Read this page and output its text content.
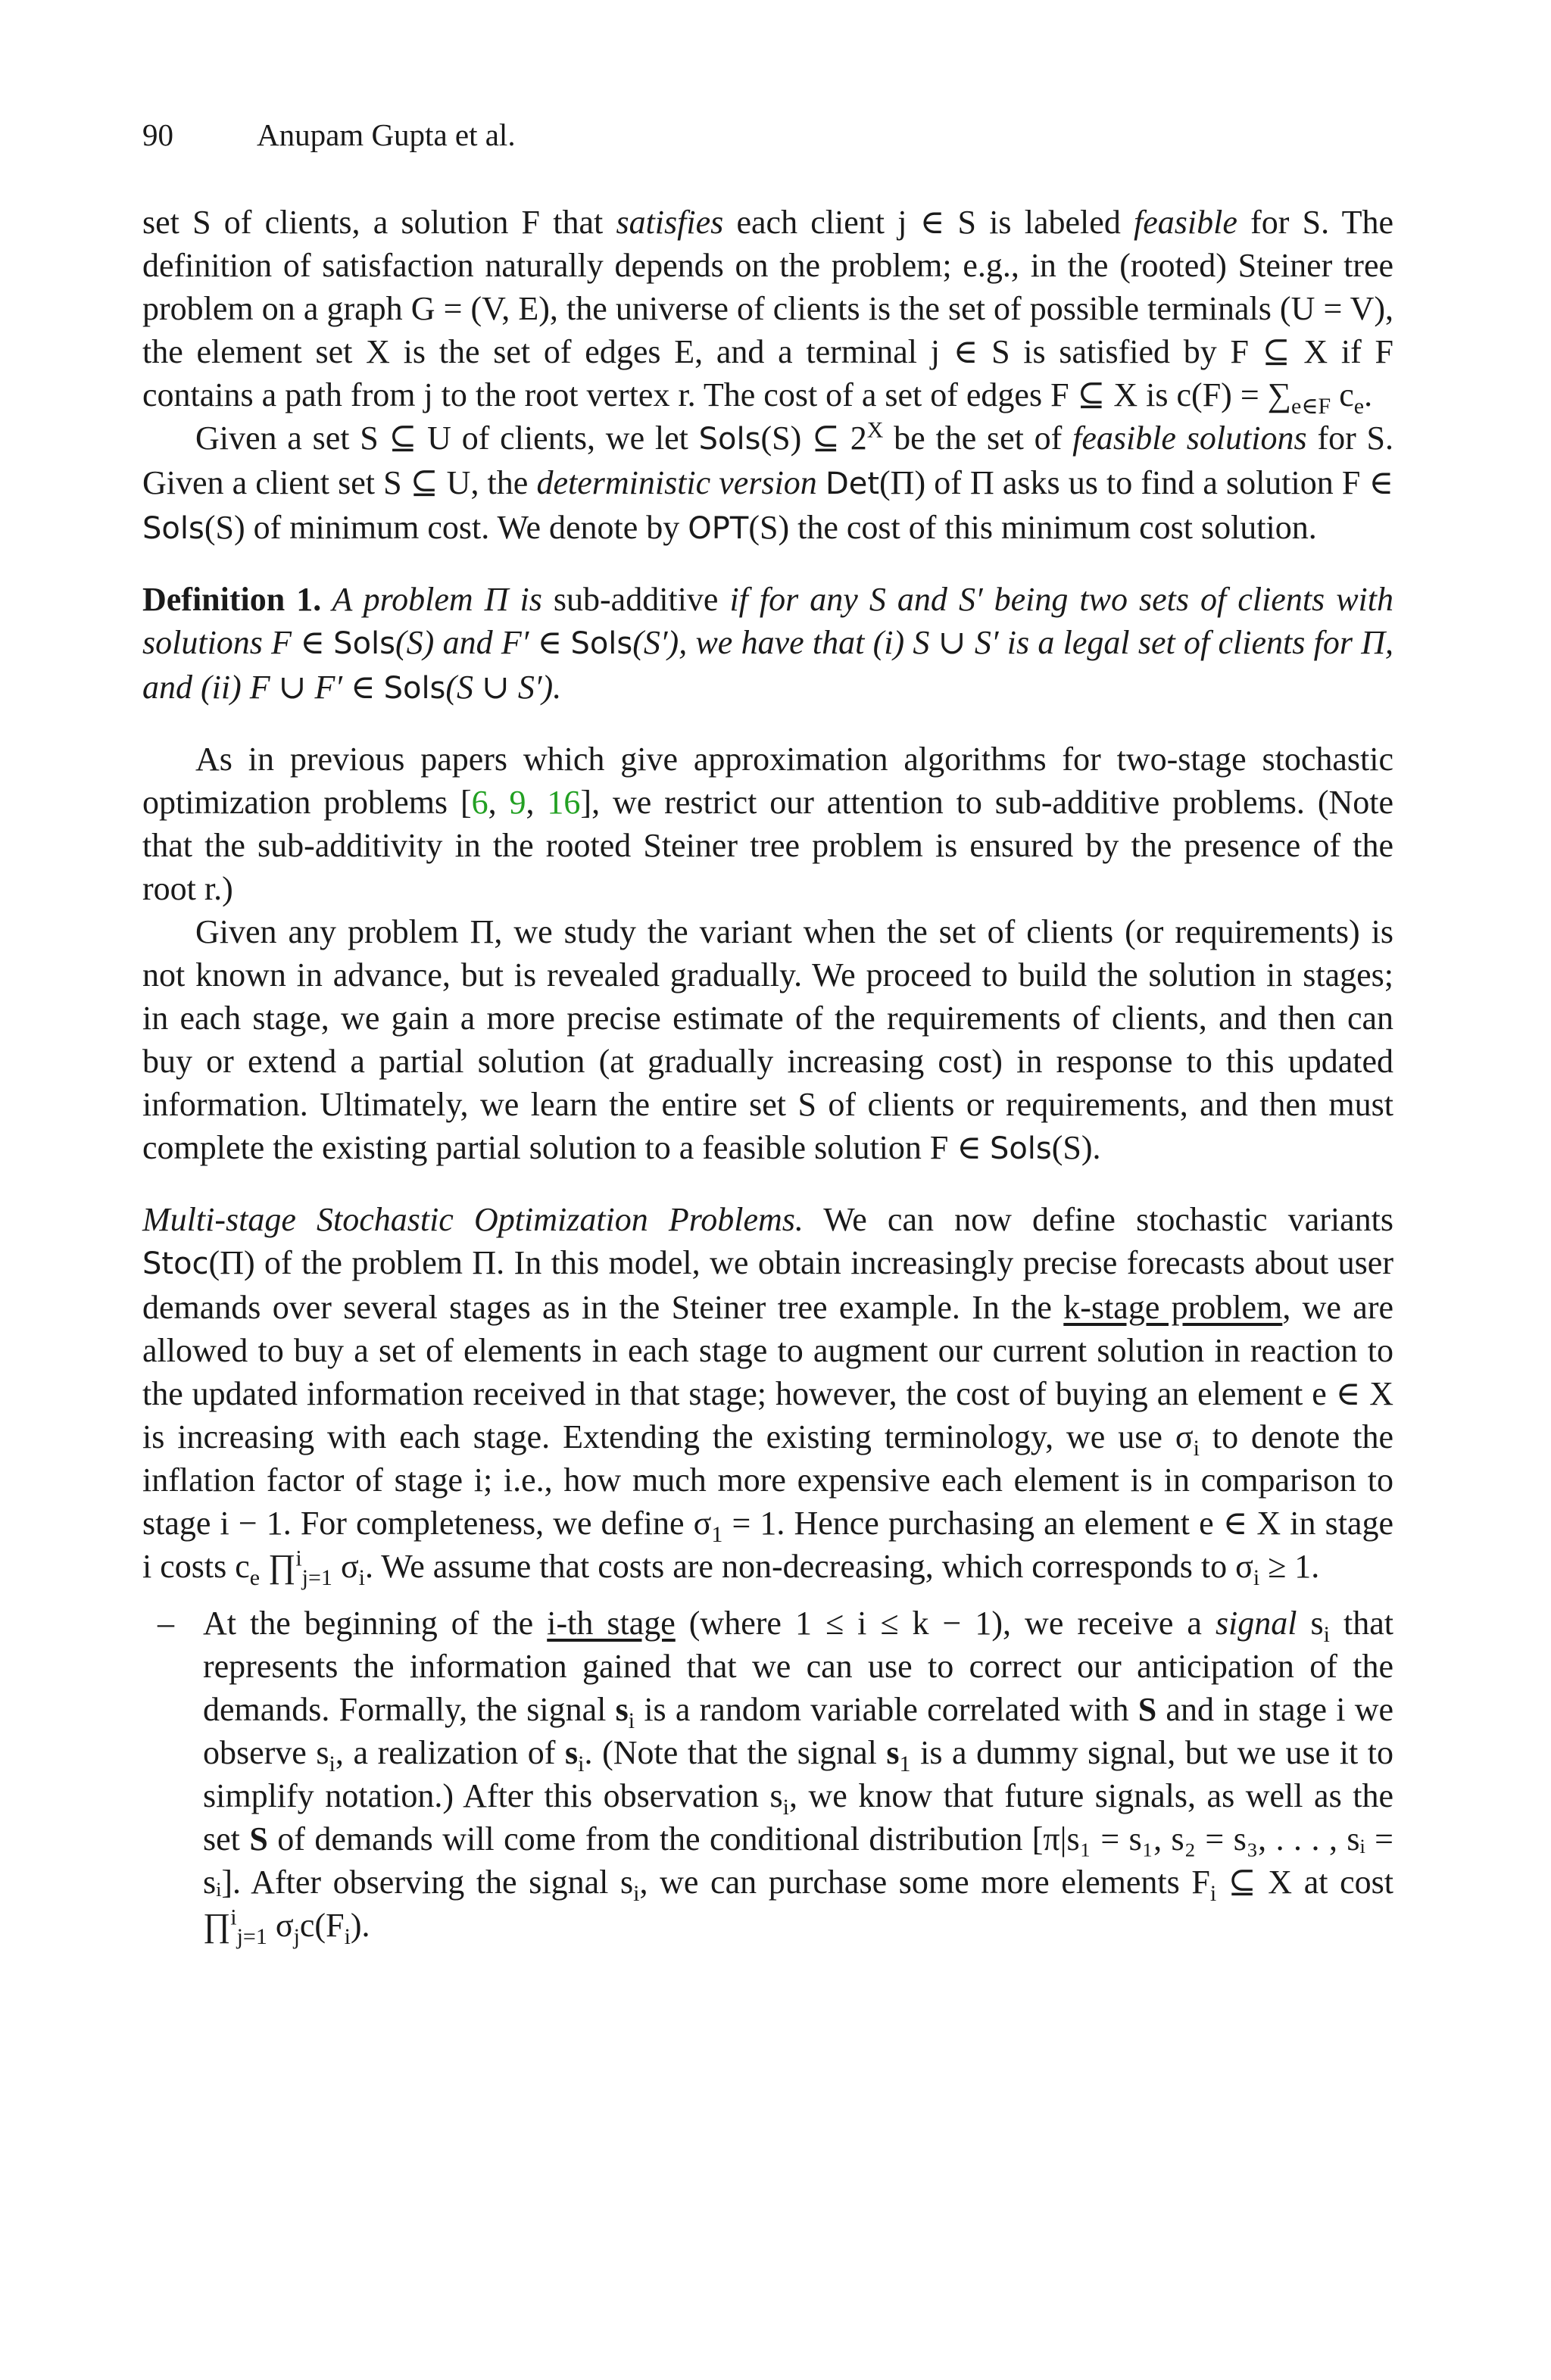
90	Anupam Gupta et al.

set S of clients, a solution F that satisfies each client j ∈ S is labeled feasible for S. The definition of satisfaction naturally depends on the problem; e.g., in the (rooted) Steiner tree problem on a graph G = (V, E), the universe of clients is the set of possible terminals (U = V), the element set X is the set of edges E, and a terminal j ∈ S is satisfied by F ⊆ X if F contains a path from j to the root vertex r. The cost of a set of edges F ⊆ X is $c(F) = \sum_{e\in F}$ $c_e$.

Given a set S ⊆ U of clients, we let Sols(S) ⊆ $2^X$ be the set of feasible solutions for S. Given a client set S ⊆ U, the deterministic version Det(Π) of Π asks us to find a solution F ∈ Sols(S) of minimum cost. We denote by OPT(S) the cost of this minimum cost solution.

Definition 1. A problem Π is sub-additive if for any S and S′ being two sets of clients with solutions F ∈ Sols(S) and F′ ∈ Sols(S′), we have that (i) S ∪ S′ is a legal set of clients for Π, and (ii) F ∪ F′ ∈ Sols(S ∪ S′).

As in previous papers which give approximation algorithms for two-stage stochastic optimization problems [6, 9, 16], we restrict our attention to sub-additive problems. (Note that the sub-additivity in the rooted Steiner tree problem is ensured by the presence of the root r.)

Given any problem Π, we study the variant when the set of clients (or requirements) is not known in advance, but is revealed gradually. We proceed to build the solution in stages; in each stage, we gain a more precise estimate of the requirements of clients, and then can buy or extend a partial solution (at gradually increasing cost) in response to this updated information. Ultimately, we learn the entire set S of clients or requirements, and then must complete the existing partial solution to a feasible solution F ∈ Sols(S).

Multi-stage Stochastic Optimization Problems. We can now define stochastic variants Stoc(Π) of the problem Π. In this model, we obtain increasingly precise forecasts about user demands over several stages as in the Steiner tree example. In the k-stage problem, we are allowed to buy a set of elements in each stage to augment our current solution in reaction to the updated information received in that stage; however, the cost of buying an element e ∈ X is increasing with each stage. Extending the existing terminology, we use $\sigma_i$ to denote the inflation factor of stage i; i.e., how much more expensive each element is in comparison to stage i − 1. For completeness, we define $\sigma_1 = 1$. Hence purchasing an element e ∈ X in stage i costs $c_e$ ∏$^i_{j=1}$ $\sigma_i$. We assume that costs are non-decreasing, which corresponds to $\sigma_i \ge 1$.

– At the beginning of the i-th stage (where 1 ≤ i ≤ k − 1), we receive a signal $s_i$ that represents the information gained that we can use to correct our anticipation of the demands. Formally, the signal $s_i$ is a random variable correlated with S and in stage i we observe $s_i$, a realization of $s_i$. (Note that the signal $s_1$ is a dummy signal, but we use it to simplify notation.) After this observation $s_i$, we know that future signals, as well as the set S of demands will come from the conditional distribution [π|s₁ = s₁, s₂ = s₃, . . . , sᵢ = sᵢ]. After observing the signal $s_i$, we can purchase some more elements $F_i$ ⊆ X at cost ∏$^i_{j=1}$ $\sigma_jc(F_i)$.
